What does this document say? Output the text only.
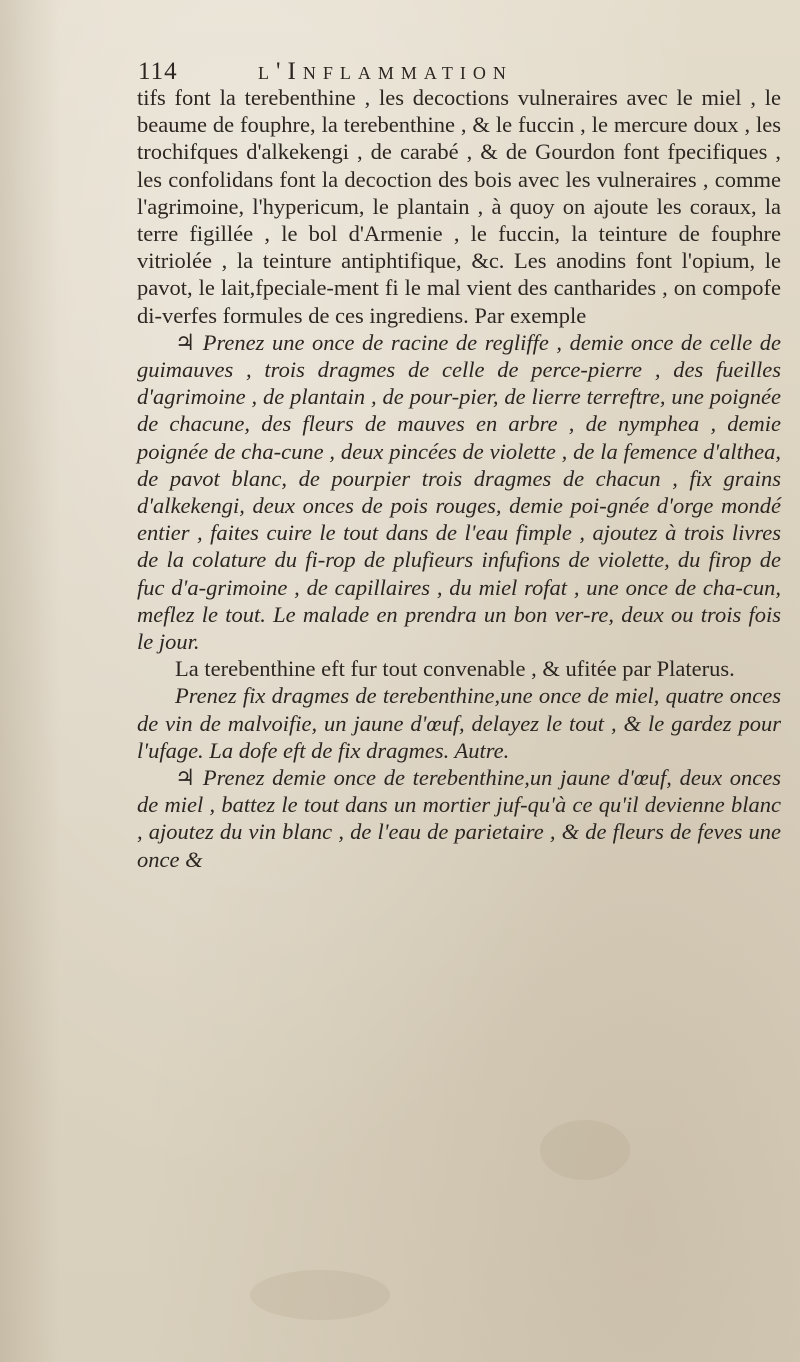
114	l'Inflammation

tifs font la terebenthine , les decoctions vulneraires avec le miel , le beaume de fouphre, la terebenthine , & le fuccin , le mercure doux , les trochifques d'alkekengi , de carabé , & de Gourdon font fpecifiques , les confolidans font la decoction des bois avec les vulneraires , comme l'agrimoine, l'hypericum, le plantain , à quoy on ajoute les coraux, la terre figillée , le bol d'Armenie , le fuccin, la teinture de fouphre vitriolée , la teinture antiphtifique, &c. Les anodins font l'opium, le pavot, le lait,fpeciale-ment fi le mal vient des cantharides , on compofe di-verfes formules de ces ingrediens. Par exemple

♃ Prenez une once de racine de regliffe , demie once de celle de guimauves , trois dragmes de celle de perce-pierre , des fueilles d'agrimoine , de plantain , de pour-pier, de lierre terreftre, une poignée de chacune, des fleurs de mauves en arbre , de nymphea , demie poignée de cha-cune , deux pincées de violette , de la femence d'althea, de pavot blanc, de pourpier trois dragmes de chacun , fix grains d'alkekengi, deux onces de pois rouges, demie poi-gnée d'orge mondé entier , faites cuire le tout dans de l'eau fimple , ajoutez à trois livres de la colature du fi-rop de plufieurs infufions de violette, du firop de fuc d'a-grimoine , de capillaires , du miel rofat , une once de cha-cun, meflez le tout. Le malade en prendra un bon ver-re, deux ou trois fois le jour.

La terebenthine eft fur tout convenable , & ufitée par Platerus.

Prenez fix dragmes de terebenthine,une once de miel, quatre onces de vin de malvoifie, un jaune d'œuf, delayez le tout , & le gardez pour l'ufage. La dofe eft de fix dragmes. Autre.

♃ Prenez demie once de terebenthine,un jaune d'œuf, deux onces de miel , battez le tout dans un mortier juf-qu'à ce qu'il devienne blanc , ajoutez du vin blanc , de l'eau de parietaire , & de fleurs de feves une once &
